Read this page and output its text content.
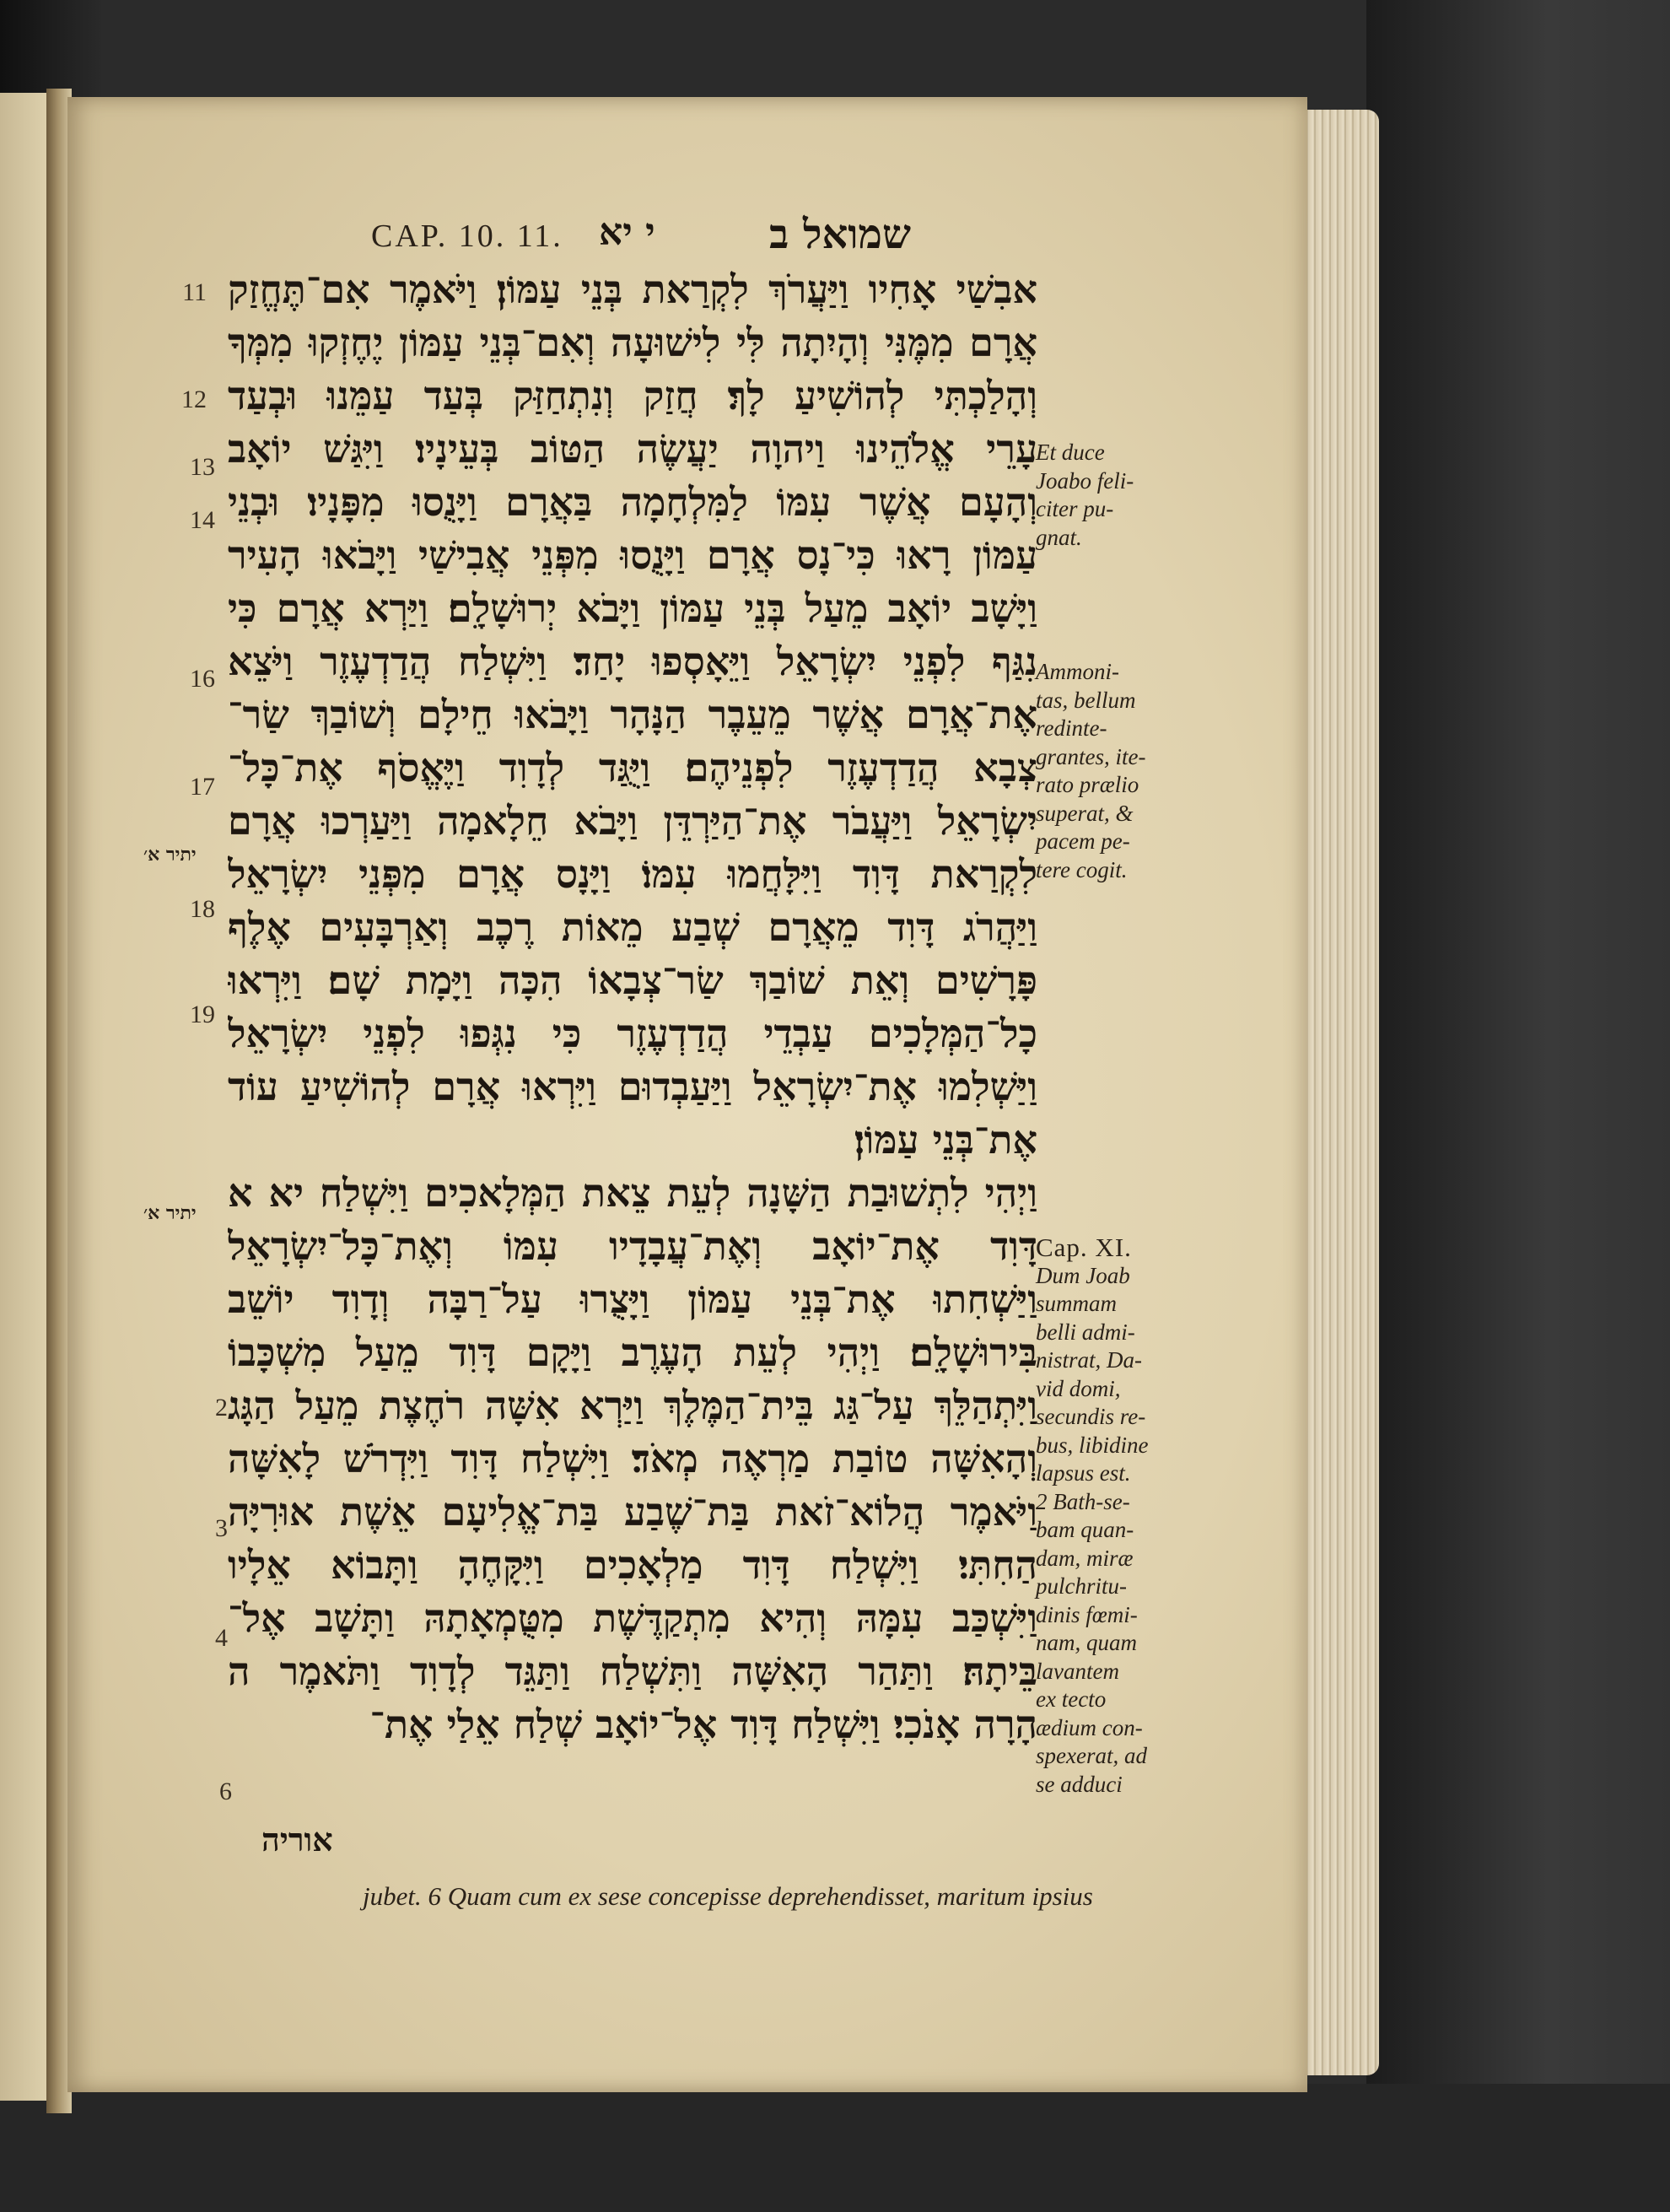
CAP. 10. 11. י יא	שמואל ב
אבִשַׁי אָחִיו וַיַּעֲרֹךְ לִקְרַאת בְּנֵי עַמּוֹן׃ וַיֹּאמֶר אִם־תֶּחֱזַק
אֲרָם מִמֶּנִּי וְהָיִתָה לִּי לִישׁוּעָה וְאִם־בְּנֵי עַמּוֹן יֶחֶזְקוּ מִמְּךָ
וְהָלַכְתִּי לְהוֹשִׁיעַ לָךְ׃ חֲזַק וְנִתְחַזַּק בְּעַד עַמֵּנוּ וּבְעַד
עָרֵי אֱלֹהֵינוּ וַיהוָה יַעֲשֶׂה הַטּוֹב בְּעֵינָיו׃ וַיִּגַּשׁ יוֹאָב
וְהָעָם אֲשֶׁר עִמּוֹ לַמִּלְחָמָה בַּאֲרָם וַיָּנֻסוּ מִפָּנָיו׃ וּבְנֵי
עַמּוֹן רָאוּ כִּי־נָס אֲרָם וַיָּנֻסוּ מִפְּנֵי אֲבִישַׁי וַיָּבֹאוּ הָעִיר
וַיָּשָׁב יוֹאָב מֵעַל בְּנֵי עַמּוֹן וַיָּבֹא יְרוּשָׁלִָם׃ וַיַּרְא אֲרָם כִּי
נִגַּף לִפְנֵי יִשְׂרָאֵל וַיֵּאָסְפוּ יָחַד׃ וַיִּשְׁלַח הֲדַדְעֶזֶר וַיֹּצֵא
אֶת־אֲרָם אֲשֶׁר מֵעֵבֶר הַנָּהָר וַיָּבֹאוּ חֵילָם וְשׁוֹבַךְ שַׂר־
צְבָא הֲדַדְעֶזֶר לִפְנֵיהֶם׃ וַיֻּגַּד לְדָוִד וַיֶּאֱסֹף אֶת־כָּל־
יִשְׂרָאֵל וַיַּעֲבֹר אֶת־הַיַּרְדֵּן וַיָּבֹא חֵלָאמָה וַיַּעַרְכוּ אֲרָם
לִקְרַאת דָּוִד וַיִּלָּחֲמוּ עִמּוֹ׃ וַיָּנָס אֲרָם מִפְּנֵי יִשְׂרָאֵל
וַיַּהֲרֹג דָּוִד מֵאֲרָם שְׁבַע מֵאוֹת רֶכֶב וְאַרְבָּעִים אֶלֶף
פָּרָשִׁים וְאֵת שׁוֹבַךְ שַׂר־צְבָאוֹ הִכָּה וַיָּמָת שָׁם׃ וַיִּרְאוּ
כָל־הַמְּלָכִים עַבְדֵי הֲדַדְעֶזֶר כִּי נִגְּפוּ לִפְנֵי יִשְׂרָאֵל
וַיַּשְׁלִמוּ אֶת־יִשְׂרָאֵל וַיַּעַבְדוּם וַיִּרְאוּ אֲרָם לְהוֹשִׁיעַ עוֹד
אֶת־בְּנֵי עַמּוֹן׃
וַיְהִי לִתְשׁוּבַת הַשָּׁנָה לְעֵת צֵאת הַמְּלָאכִים וַיִּשְׁלַח יא א
דָּוִד אֶת־יוֹאָב וְאֶת־עֲבָדָיו עִמּוֹ וְאֶת־כָּל־יִשְׂרָאֵל
וַיַּשְׁחִתוּ אֶת־בְּנֵי עַמּוֹן וַיָּצֻרוּ עַל־רַבָּה וְדָוִד יוֹשֵׁב
בִּירוּשָׁלִָם׃ וַיְהִי לְעֵת הָעֶרֶב וַיָּקָם דָּוִד מֵעַל מִשְׁכָּבוֹ
וַיִּתְהַלֵּךְ עַל־גַּג בֵּית־הַמֶּלֶךְ וַיַּרְא אִשָּׁה רֹחֶצֶת מֵעַל הַגָּג
וְהָאִשָּׁה טוֹבַת מַרְאֶה מְאֹד׃ וַיִּשְׁלַח דָּוִד וַיִּדְרֹשׁ לָאִשָּׁה
וַיֹּאמֶר הֲלוֹא־זֹאת בַּת־שֶׁבַע בַּת־אֱלִיעָם אֵשֶׁת אוּרִיָּה
הַחִתִּי׃ וַיִּשְׁלַח דָּוִד מַלְאָכִים וַיִּקָּחֶהָ וַתָּבוֹא אֵלָיו
וַיִּשְׁכַּב עִמָּהּ וְהִיא מִתְקַדֶּשֶׁת מִטֻּמְאָתָהּ וַתָּשָׁב אֶל־
בֵּיתָהּ׃ וַתַּהַר הָאִשָּׁה וַתִּשְׁלַח וַתַּגֵּד לְדָוִד וַתֹּאמֶר ה
הָרָה אָנֹכִי׃ וַיִּשְׁלַח דָּוִד אֶל־יוֹאָב שְׁלַח אֵלַי אֶת־
אוריה
11
12
13
14
16
17
18
19
2
3
4
6
יתיר א׳
יתיר א׳
Et duce
Joabo feli-
citer pu-
gnat.
Ammoni-
tas, bellum
redinte-
grantes, ite-
rato prælio
superat, &
pacem pe-
tere cogit.
Cap. XI.
Dum Joab
summam
belli admi-
nistrat, Da-
vid domi,
secundis re-
bus, libidine
lapsus est.
2 Bath-se-
bam quan-
dam, miræ
pulchritu-
dinis fœmi-
nam, quam
lavantem
ex tecto
ædium con-
spexerat, ad
se adduci
jubet. 6 Quam cum ex sese concepisse deprehendisset, maritum ipsius
